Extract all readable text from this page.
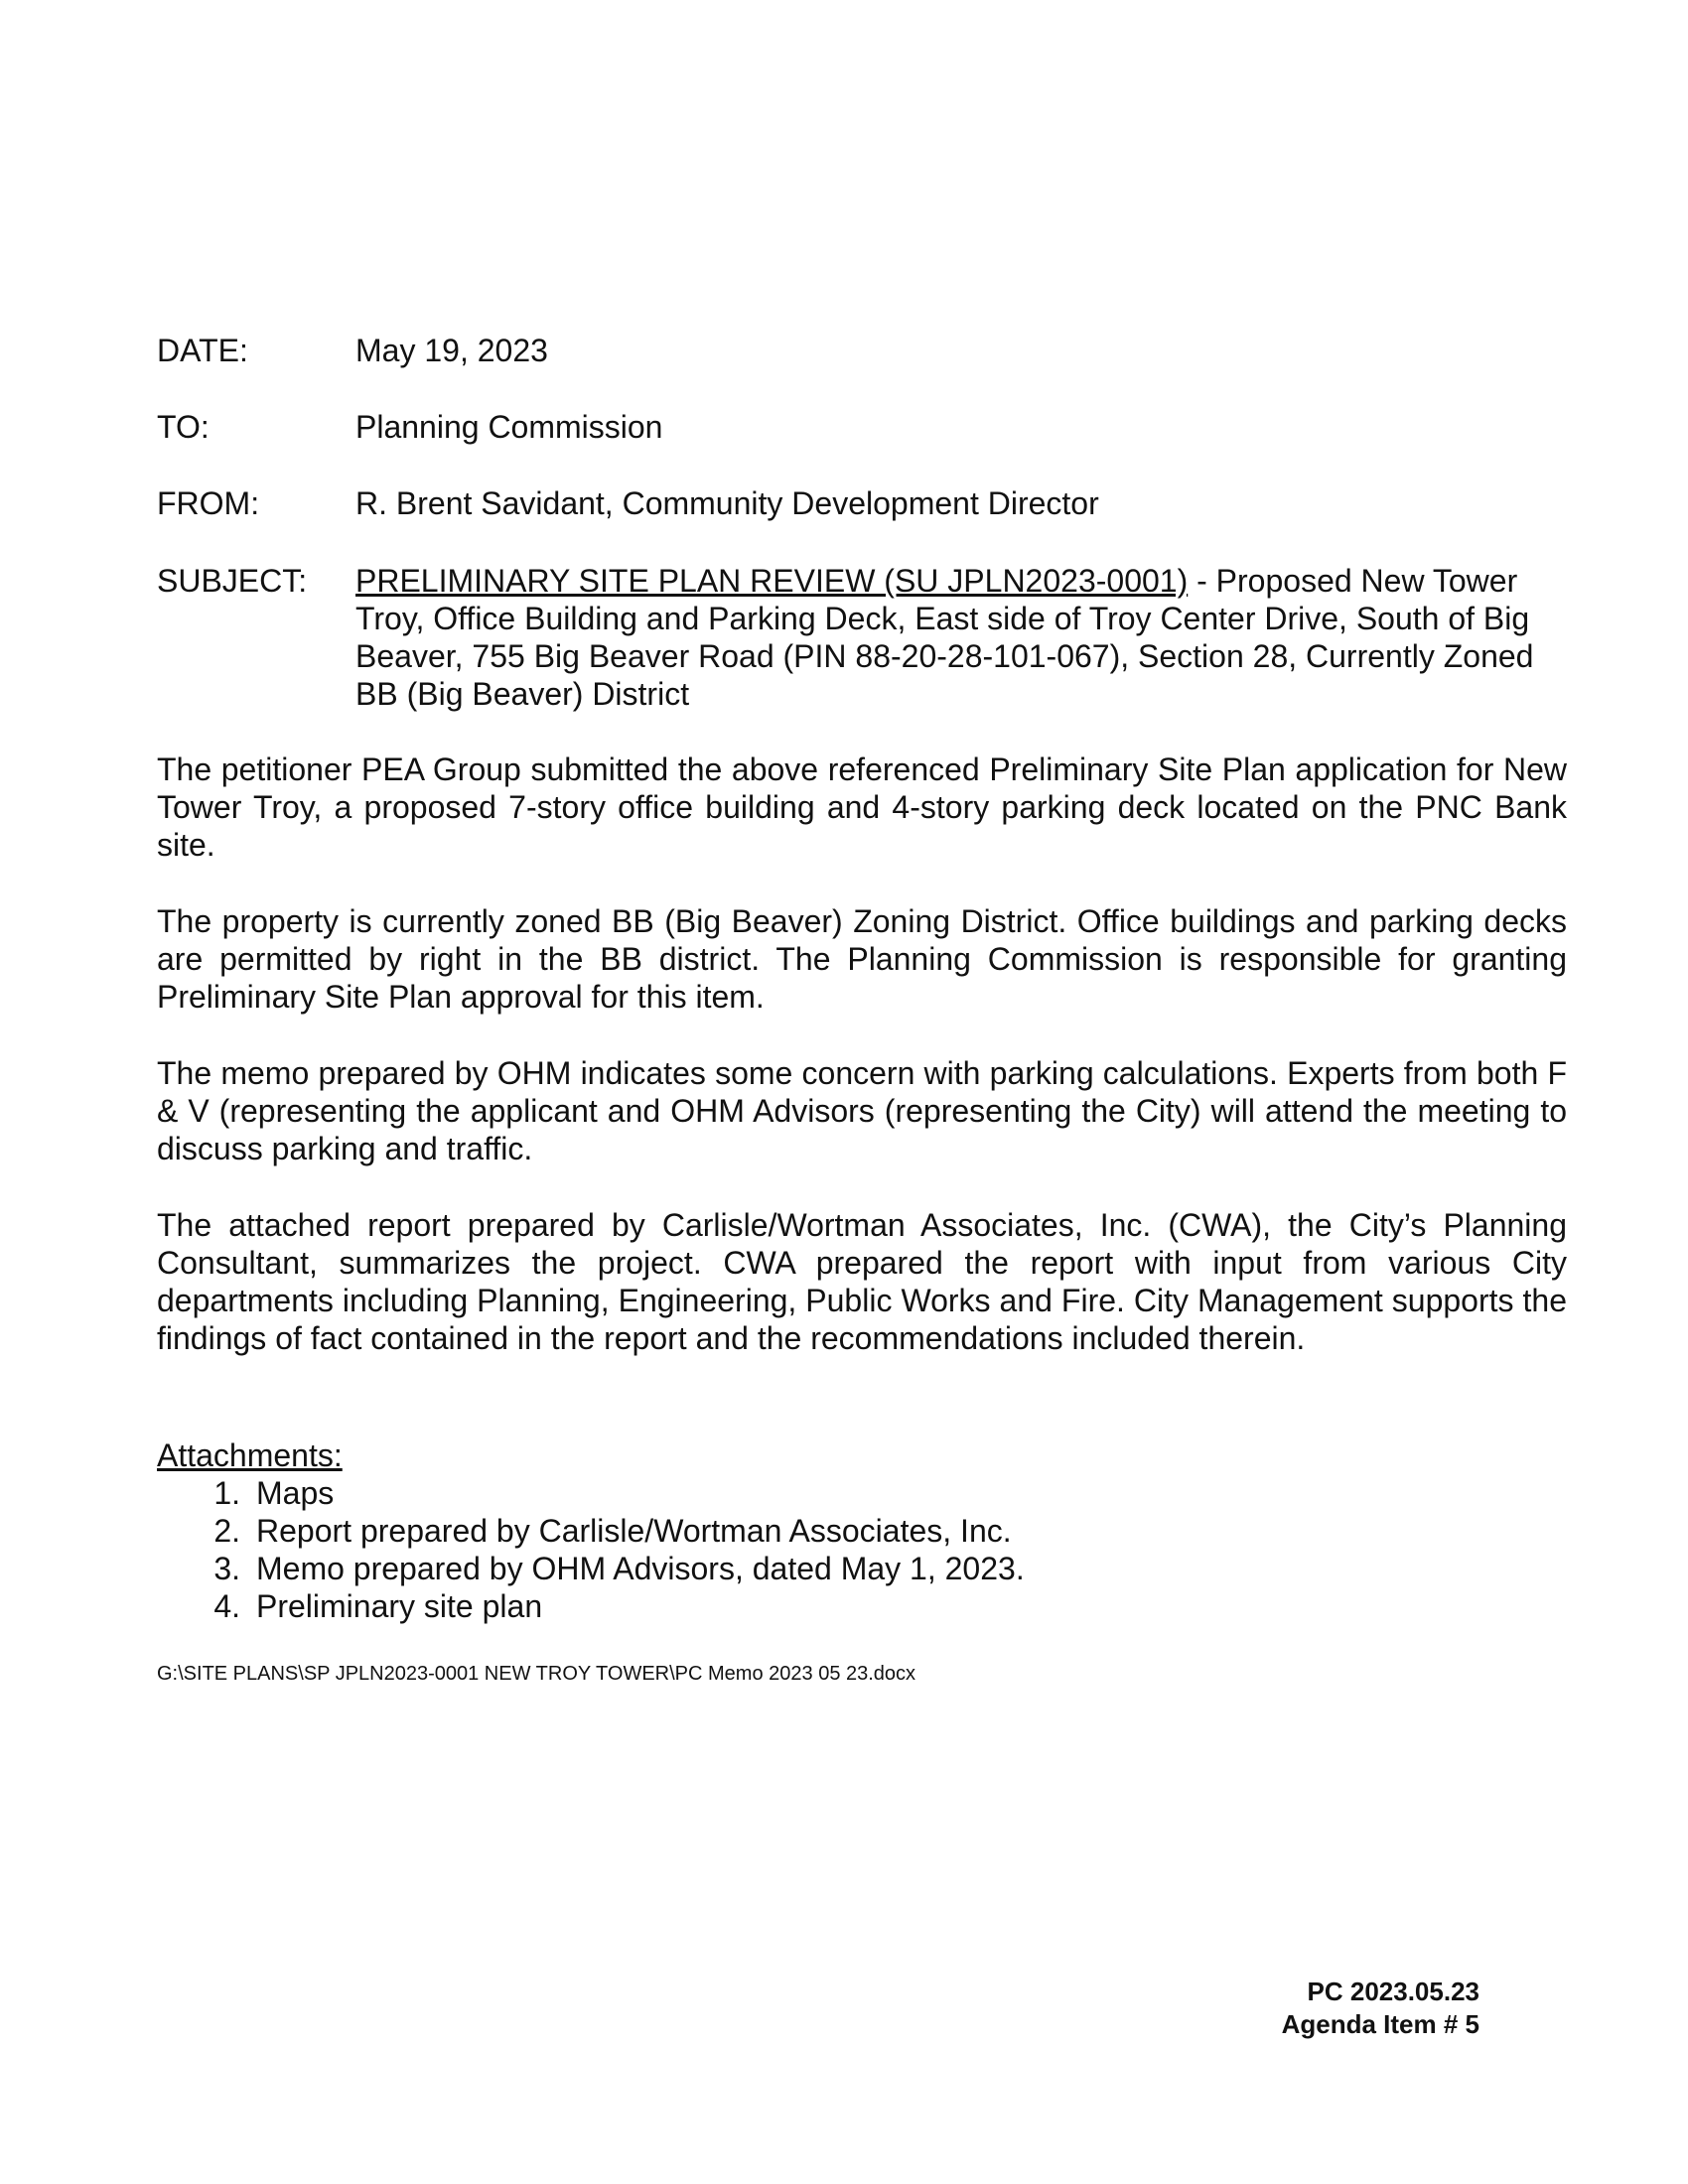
DATE:	May 19, 2023
TO:	Planning Commission
FROM:	R. Brent Savidant, Community Development Director
SUBJECT:	PRELIMINARY SITE PLAN REVIEW (SU JPLN2023-0001) - Proposed New Tower Troy, Office Building and Parking Deck, East side of Troy Center Drive, South of Big Beaver, 755 Big Beaver Road (PIN 88-20-28-101-067), Section 28, Currently Zoned BB (Big Beaver) District

The petitioner PEA Group submitted the above referenced Preliminary Site Plan application for New Tower Troy, a proposed 7-story office building and 4-story parking deck located on the PNC Bank site.

The property is currently zoned BB (Big Beaver) Zoning District. Office buildings and parking decks are permitted by right in the BB district. The Planning Commission is responsible for granting Preliminary Site Plan approval for this item.

The memo prepared by OHM indicates some concern with parking calculations. Experts from both F & V (representing the applicant and OHM Advisors (representing the City) will attend the meeting to discuss parking and traffic.

The attached report prepared by Carlisle/Wortman Associates, Inc. (CWA), the City’s Planning Consultant, summarizes the project. CWA prepared the report with input from various City departments including Planning, Engineering, Public Works and Fire. City Management supports the findings of fact contained in the report and the recommendations included therein.

Attachments:
1. Maps
2. Report prepared by Carlisle/Wortman Associates, Inc.
3. Memo prepared by OHM Advisors, dated May 1, 2023.
4. Preliminary site plan
G:\SITE PLANS\SP JPLN2023-0001 NEW TROY TOWER\PC Memo 2023 05 23.docx
PC 2023.05.23
Agenda Item # 5
